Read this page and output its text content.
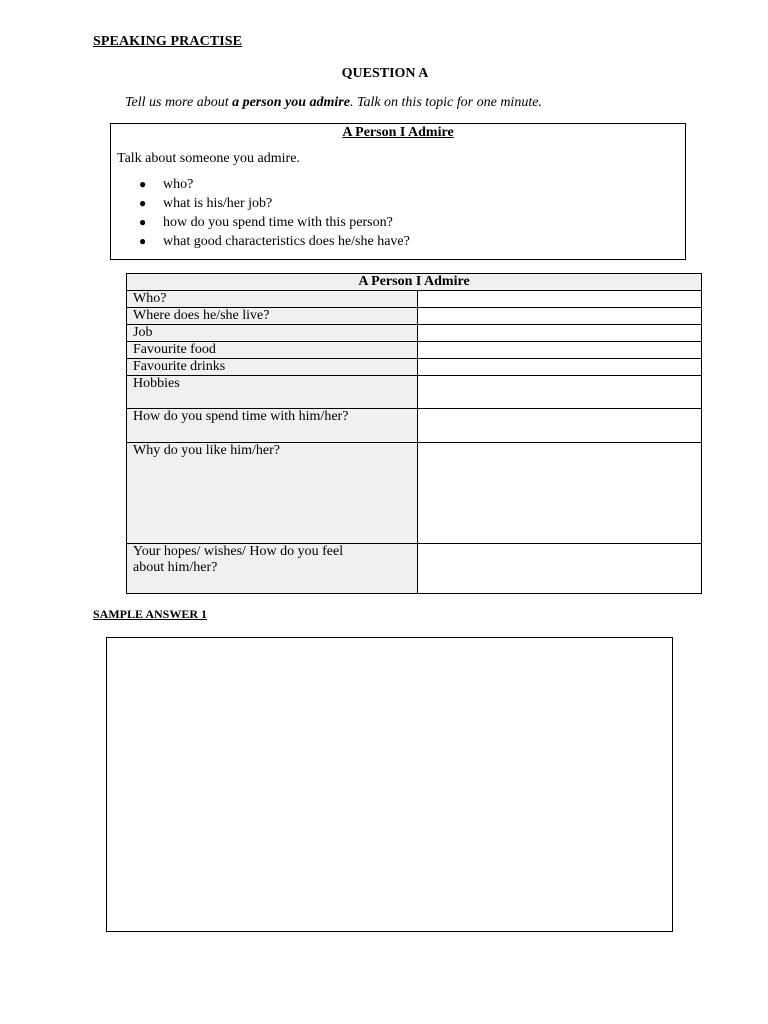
SPEAKING PRACTISE
QUESTION A
Tell us more about a person you admire. Talk on this topic for one minute.
A Person I Admire
Talk about someone you admire.
● who?
● what is his/her job?
● how do you spend time with this person?
● what good characteristics does he/she have?
A Person I Admire	
Who?	
Where does he/she live?	
Job	
Favourite food	
Favourite drinks	
Hobbies	
How do you spend time with him/her?	
Why do you like him/her?	
Your hopes/ wishes/ How do you feel about him/her?	
SAMPLE ANSWER 1
